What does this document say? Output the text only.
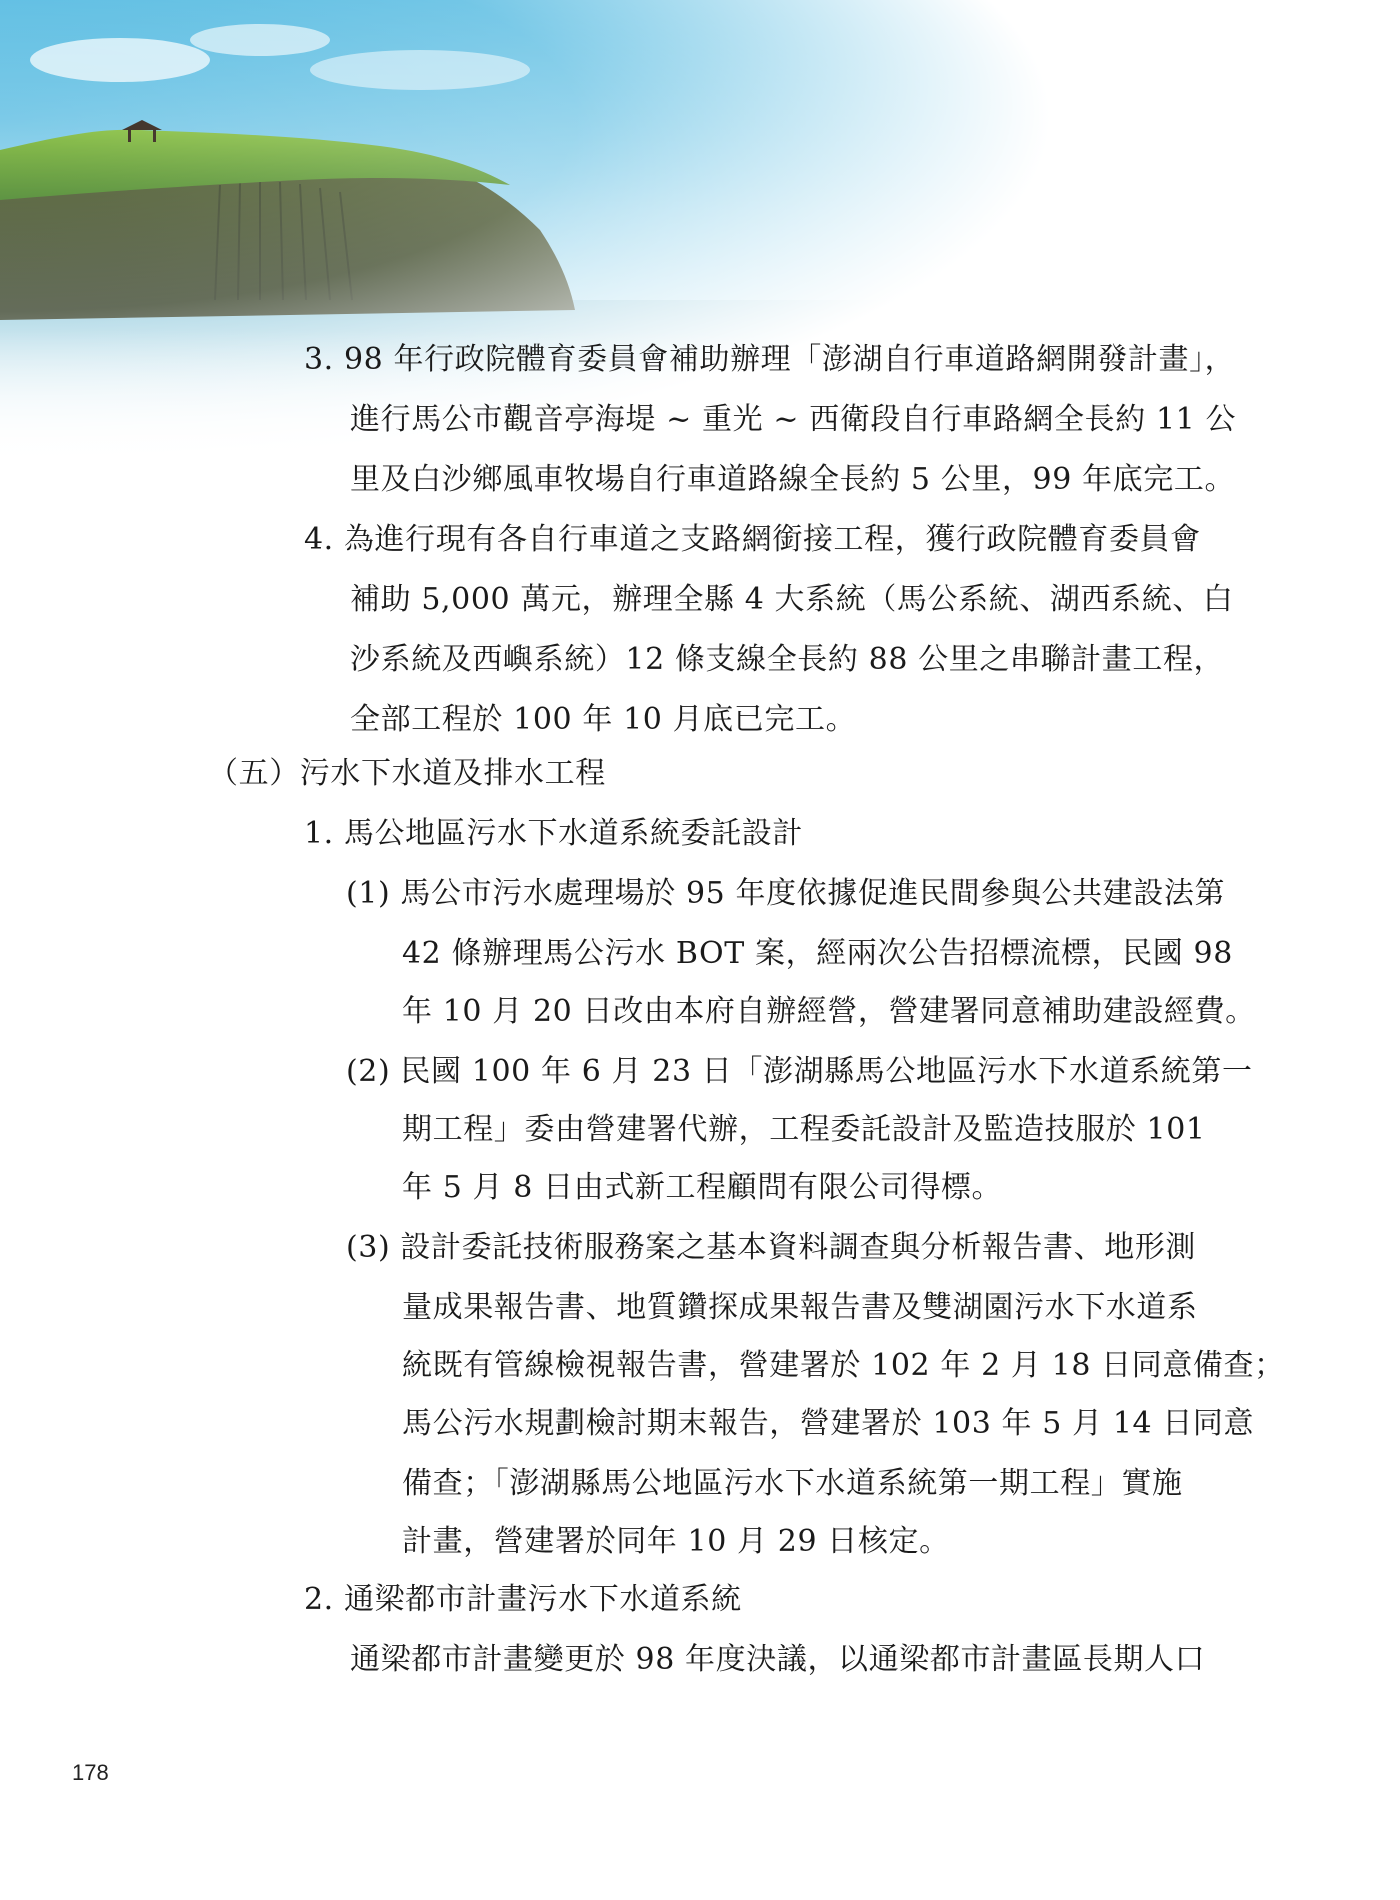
3. 98 年行政院體育委員會補助辦理「澎湖自行車道路網開發計畫」，
進行馬公市觀音亭海堤 ~ 重光 ~ 西衛段自行車路網全長約 11 公
里及白沙鄉風車牧場自行車道路線全長約 5 公里，99 年底完工。
4. 為進行現有各自行車道之支路網銜接工程，獲行政院體育委員會
補助 5,000 萬元，辦理全縣 4 大系統（馬公系統、湖西系統、白
沙系統及西嶼系統）12 條支線全長約 88 公里之串聯計畫工程，
全部工程於 100 年 10 月底已完工。
（五）污水下水道及排水工程
1. 馬公地區污水下水道系統委託設計
(1) 馬公市污水處理場於 95 年度依據促進民間參與公共建設法第
42 條辦理馬公污水 BOT 案，經兩次公告招標流標，民國 98
年 10 月 20 日改由本府自辦經營，營建署同意補助建設經費。
(2) 民國 100 年 6 月 23 日「澎湖縣馬公地區污水下水道系統第一
期工程」委由營建署代辦，工程委託設計及監造技服於 101
年 5 月 8 日由式新工程顧問有限公司得標。
(3) 設計委託技術服務案之基本資料調查與分析報告書、地形測
量成果報告書、地質鑽探成果報告書及雙湖園污水下水道系
統既有管線檢視報告書，營建署於 102 年 2 月 18 日同意備查；
馬公污水規劃檢討期末報告，營建署於 103 年 5 月 14 日同意
備查；「澎湖縣馬公地區污水下水道系統第一期工程」實施
計畫，營建署於同年 10 月 29 日核定。
2. 通梁都市計畫污水下水道系統
通梁都市計畫變更於 98 年度決議，以通梁都市計畫區長期人口
178
